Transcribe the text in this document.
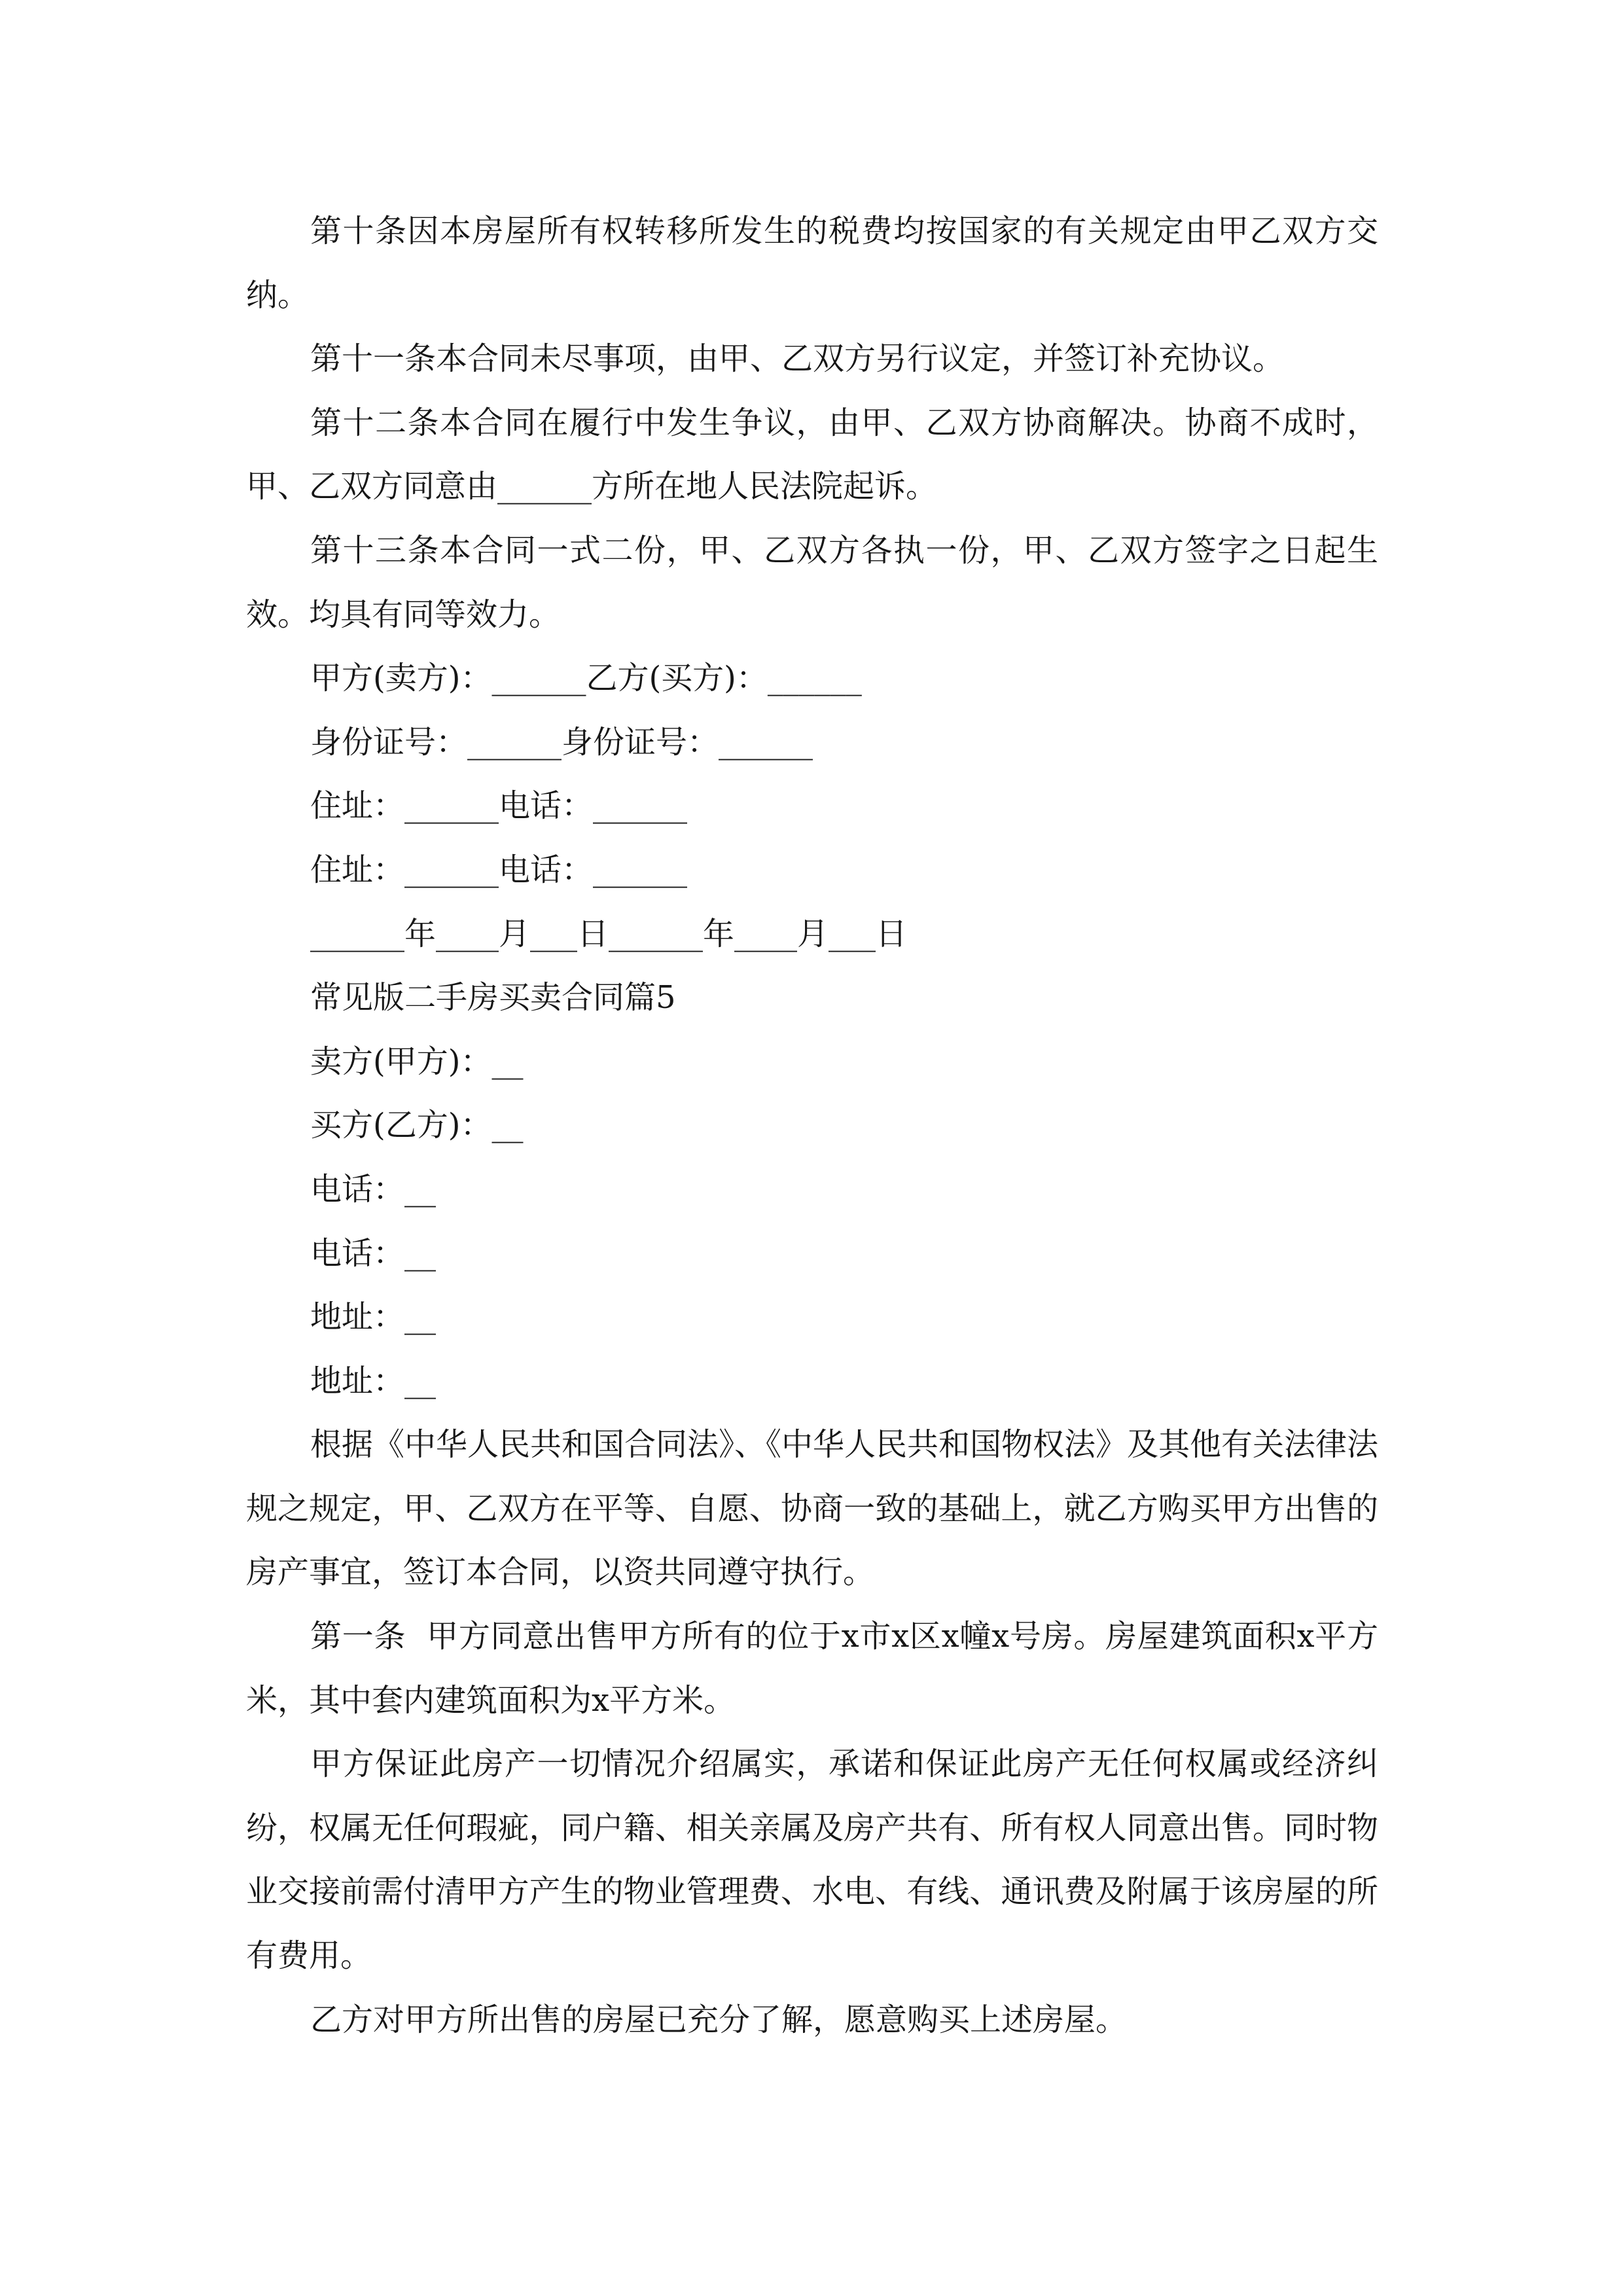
第十条因本房屋所有权转移所发生的税费均按国家的有关规定由甲乙双方交纳。

第十一条本合同未尽事项，由甲、乙双方另行议定，并签订补充协议。

第十二条本合同在履行中发生争议，由甲、乙双方协商解决。协商不成时，甲、乙双方同意由______方所在地人民法院起诉。

第十三条本合同一式二份，甲、乙双方各执一份，甲、乙双方签字之日起生效。均具有同等效力。

甲方(卖方)：______乙方(买方)：______

身份证号：______身份证号：______

住址：______电话：______

住址：______电话：______

______年____月___日______年____月___日

常见版二手房买卖合同篇5

卖方(甲方)：__

买方(乙方)：__

电话：__

电话：__

地址：__

地址：__

根据《中华人民共和国合同法》、《中华人民共和国物权法》及其他有关法律法规之规定，甲、乙双方在平等、自愿、协商一致的基础上，就乙方购买甲方出售的房产事宜，签订本合同，以资共同遵守执行。

第一条  甲方同意出售甲方所有的位于x市x区x幢x号房。房屋建筑面积x平方米，其中套内建筑面积为x平方米。

甲方保证此房产一切情况介绍属实，承诺和保证此房产无任何权属或经济纠纷，权属无任何瑕疵，同户籍、相关亲属及房产共有、所有权人同意出售。同时物业交接前需付清甲方产生的物业管理费、水电、有线、通讯费及附属于该房屋的所有费用。

乙方对甲方所出售的房屋已充分了解，愿意购买上述房屋。
